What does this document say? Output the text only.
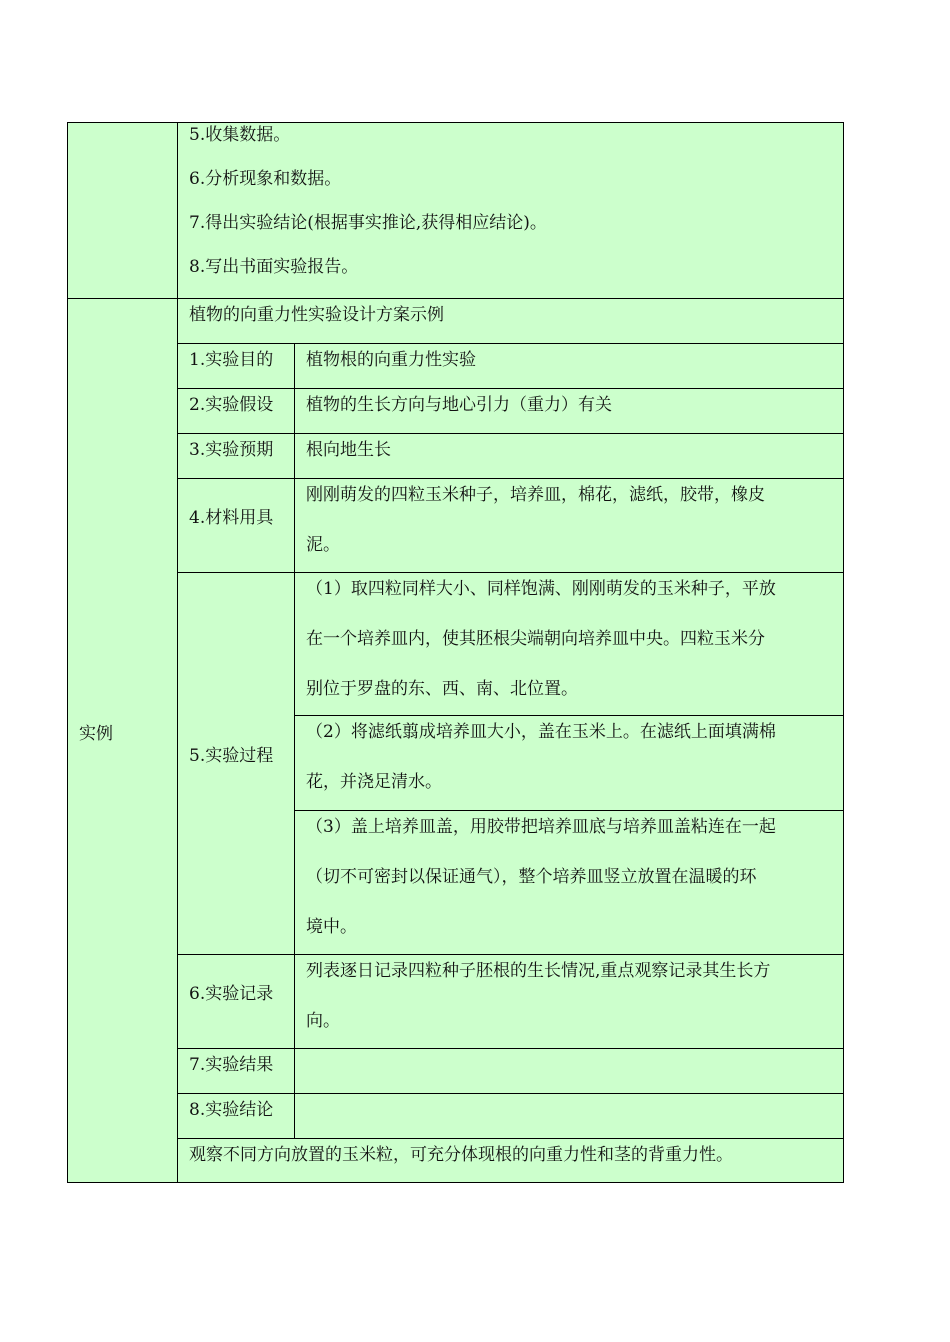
5.收集数据。
6.分析现象和数据。
7.得出实验结论(根据事实推论,获得相应结论)。
8.写出书面实验报告。
实例
植物的向重力性实验设计方案示例
1.实验目的 植物根的向重力性实验
2.实验假设 植物的生长方向与地心引力（重力）有关
3.实验预期 根向地生长
4.材料用具
刚刚萌发的四粒玉米种子，培养皿，棉花，滤纸，胶带，橡皮
泥。
5.实验过程
（1）取四粒同样大小、同样饱满、刚刚萌发的玉米种子，平放
在一个培养皿内，使其胚根尖端朝向培养皿中央。四粒玉米分
别位于罗盘的东、西、南、北位置。
（2）将滤纸翦成培养皿大小，盖在玉米上。在滤纸上面填满棉
花，并浇足清水。
（3）盖上培养皿盖，用胶带把培养皿底与培养皿盖粘连在一起
（切不可密封以保证通气），整个培养皿竖立放置在温暖的环
境中。
6.实验记录
列表逐日记录四粒种子胚根的生长情况,重点观察记录其生长方
向。
7.实验结果
8.实验结论
观察不同方向放置的玉米粒，可充分体现根的向重力性和茎的背重力性。
